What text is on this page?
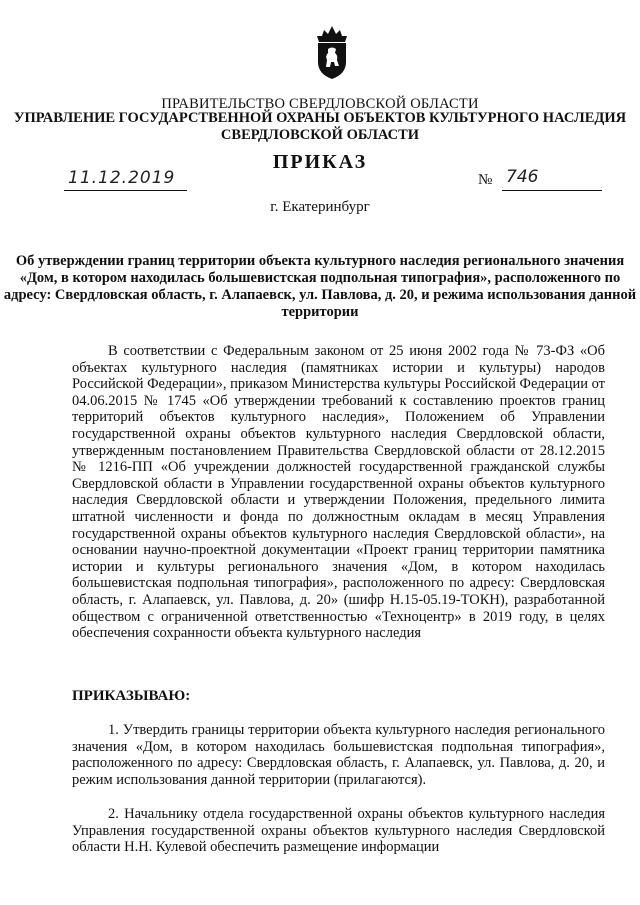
ПРАВИТЕЛЬСТВО СВЕРДЛОВСКОЙ ОБЛАСТИ
УПРАВЛЕНИЕ ГОСУДАРСТВЕННОЙ ОХРАНЫ ОБЪЕКТОВ КУЛЬТУРНОГО НАСЛЕДИЯ СВЕРДЛОВСКОЙ ОБЛАСТИ
ПРИКАЗ
11.12.2019	№ 746
г. Екатеринбург
Об утверждении границ территории объекта культурного наследия регионального значения «Дом, в котором находилась большевистская подпольная типография», расположенного по адресу: Свердловская область, г. Алапаевск, ул. Павлова, д. 20, и режима использования данной территории

В соответствии с Федеральным законом от 25 июня 2002 года № 73-ФЗ «Об объектах культурного наследия (памятниках истории и культуры) народов Российской Федерации», приказом Министерства культуры Российской Федерации от 04.06.2015 № 1745 «Об утверждении требований к составлению проектов границ территорий объектов культурного наследия», Положением об Управлении государственной охраны объектов культурного наследия Свердловской области, утвержденным постановлением Правительства Свердловской области от 28.12.2015 № 1216-ПП «Об учреждении должностей государственной гражданской службы Свердловской области в Управлении государственной охраны объектов культурного наследия Свердловской области и утверждении Положения, предельного лимита штатной численности и фонда по должностным окладам в месяц Управления государственной охраны объектов культурного наследия Свердловской области», на основании научно-проектной документации «Проект границ территории памятника истории и культуры регионального значения «Дом, в котором находилась большевистская подпольная типография», расположенного по адресу: Свердловская область, г. Алапаевск, ул. Павлова, д. 20» (шифр Н.15-05.19-ТОКН), разработанной обществом с ограниченной ответственностью «Техноцентр» в 2019 году, в целях обеспечения сохранности объекта культурного наследия

ПРИКАЗЫВАЮ:

1. Утвердить границы территории объекта культурного наследия регионального значения «Дом, в котором находилась большевистская подпольная типография», расположенного по адресу: Свердловская область, г. Алапаевск, ул. Павлова, д. 20, и режим использования данной территории (прилагаются).

2. Начальнику отдела государственной охраны объектов культурного наследия Управления государственной охраны объектов культурного наследия Свердловской области Н.Н. Кулевой обеспечить размещение информации
